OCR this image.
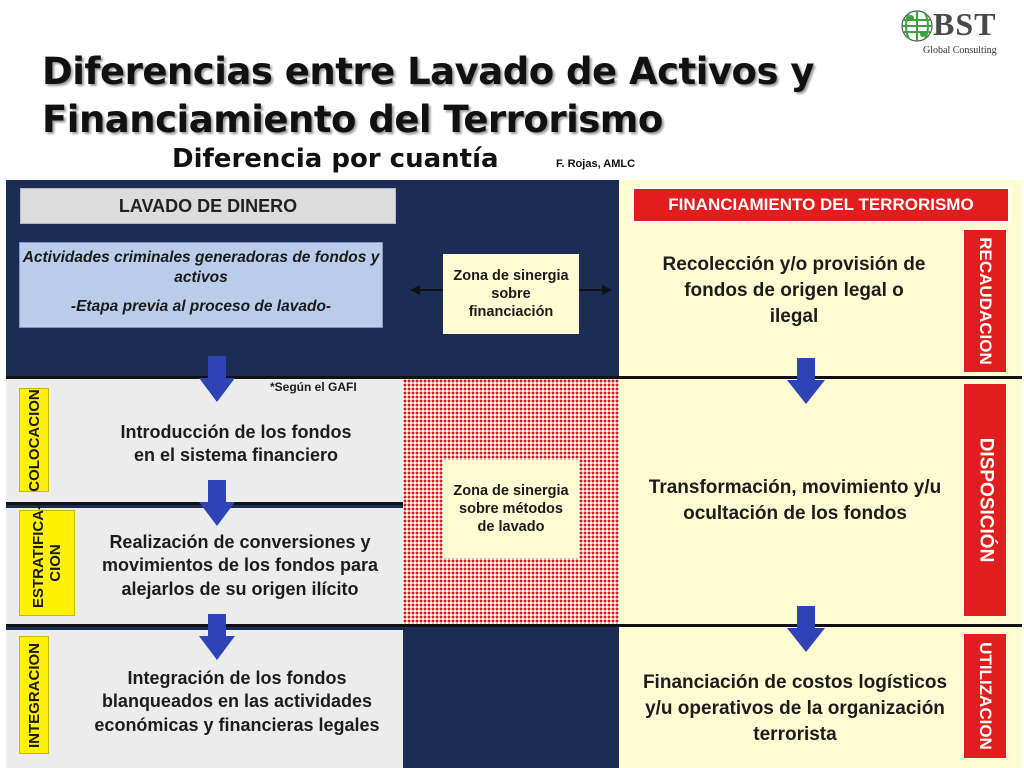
Diferencias entre Lavado de Activos y
Financiamiento del Terrorismo
Diferencia por cuantía	F. Rojas, AMLC
BST
Global Consulting
LAVADO DE DINERO	FINANCIAMIENTO DEL TERRORISMO
Actividades criminales generadoras de fondos y activos
-Etapa previa al proceso de lavado-
Zona de sinergia sobre financiación
Zona de sinergia sobre métodos de lavado
*Según el GAFI
COLOCACION
ESTRATIFICA-CION
INTEGRACION
Introducción de los fondos en el sistema financiero
Realización de conversiones y movimientos de los fondos para alejarlos de su origen ilícito
Integración de los fondos blanqueados en las actividades económicas y financieras legales
RECAUDACION
DISPOSICIÓN
UTILIZACION
Recolección y/o provisión de fondos de origen legal o ilegal
Transformación, movimiento y/u ocultación de los fondos
Financiación de costos logísticos y/u operativos de la organización terrorista
